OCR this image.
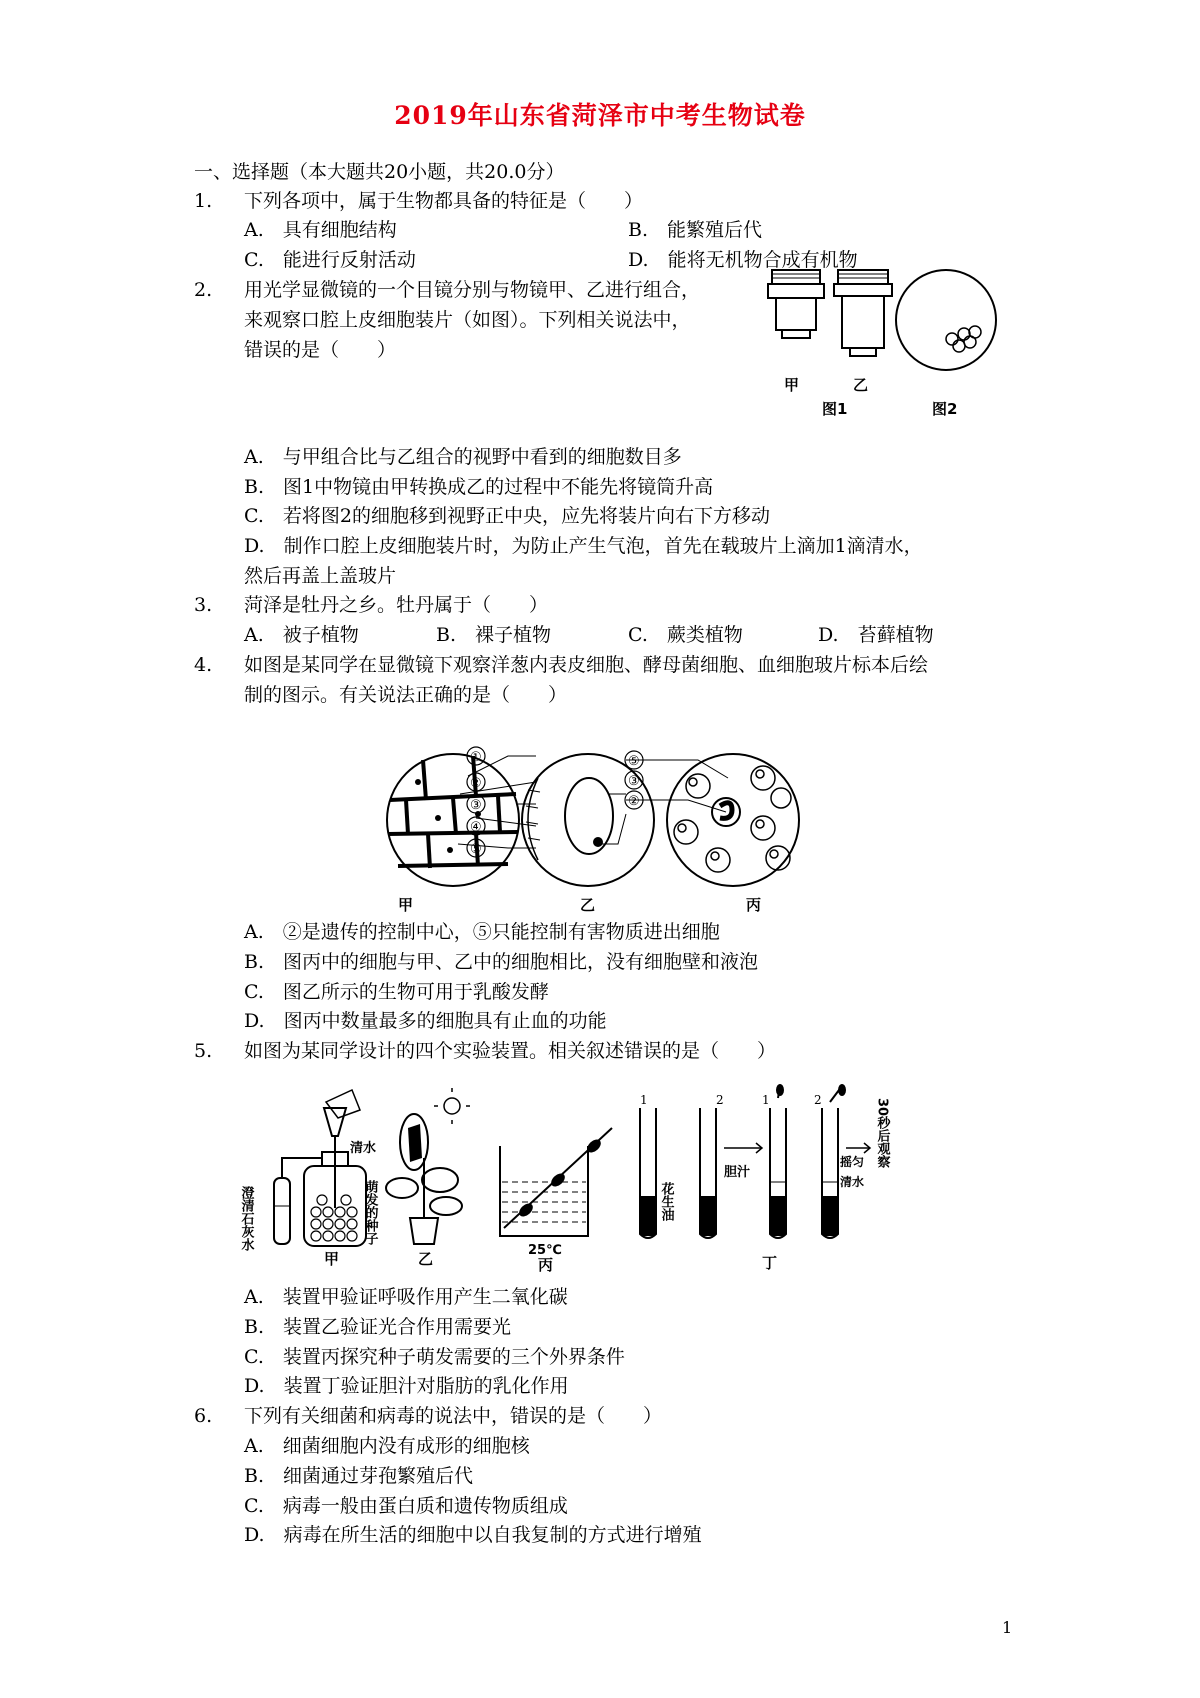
2019年山东省菏泽市中考生物试卷
一、选择题（本大题共20小题，共20.0分）
1. 下列各项中，属于生物都具备的特征是（　　）
A.　具有细胞结构	B.　能繁殖后代
C.　能进行反射活动	D.　能将无机物合成有机物
2. 用光学显微镜的一个目镜分别与物镜甲、乙进行组合，
来观察口腔上皮细胞装片（如图）。下列相关说法中，
错误的是（　　）
甲	乙
图1	图2
A.　与甲组合比与乙组合的视野中看到的细胞数目多
B.　图1中物镜由甲转换成乙的过程中不能先将镜筒升高
C.　若将图2的细胞移到视野正中央，应先将装片向右下方移动
D.　制作口腔上皮细胞装片时，为防止产生气泡，首先在载玻片上滴加1滴清水，
然后再盖上盖玻片
3. 菏泽是牡丹之乡。牡丹属于（　　）
A.　被子植物	B.　裸子植物	C.　蕨类植物	D.　苔藓植物
4. 如图是某同学在显微镜下观察洋葱内表皮细胞、酵母菌细胞、血细胞玻片标本后绘
制的图示。有关说法正确的是（　　）
①
②
③
④
⑤
⑤
③
②
甲	乙	丙
A.　②是遗传的控制中心，⑤只能控制有害物质进出细胞
B.　图丙中的细胞与甲、乙中的细胞相比，没有细胞壁和液泡
C.　图乙所示的生物可用于乳酸发酵
D.　图丙中数量最多的细胞具有止血的功能
5. 如图为某同学设计的四个实验装置。相关叙述错误的是（　　）
澄清石灰水
清水
萌发的种子
甲	乙	25℃
丙
1	2	1	2
花生油
胆汁
摇匀
清水
30秒后观察
丁
A.　装置甲验证呼吸作用产生二氧化碳
B.　装置乙验证光合作用需要光
C.　装置丙探究种子萌发需要的三个外界条件
D.　装置丁验证胆汁对脂肪的乳化作用
6. 下列有关细菌和病毒的说法中，错误的是（　　）
A.　细菌细胞内没有成形的细胞核
B.　细菌通过芽孢繁殖后代
C.　病毒一般由蛋白质和遗传物质组成
D.　病毒在所生活的细胞中以自我复制的方式进行增殖
1
